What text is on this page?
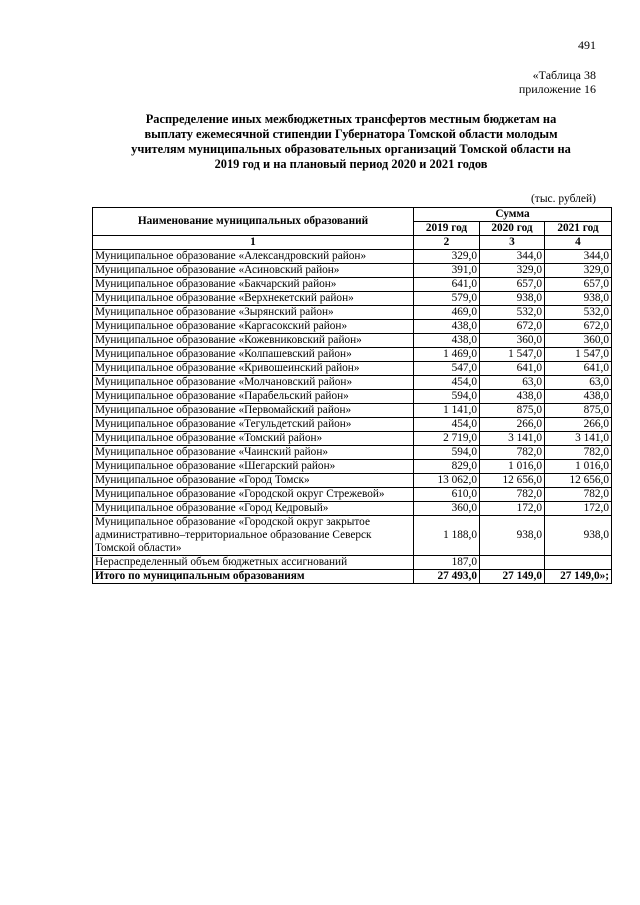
491
«Таблица 38
приложение 16
Распределение иных межбюджетных трансфертов местным бюджетам на
выплату ежемесячной стипендии Губернатора Томской области молодым
учителям муниципальных образовательных организаций Томской области на
2019 год и на плановый период 2020 и 2021 годов
(тыс. рублей)
Наименование муниципальных образований	Сумма		
	2019 год	2020 год	2021 год
1	2	3	4
Муниципальное образование «Александровский район»	329,0	344,0	344,0
Муниципальное образование «Асиновский район»	391,0	329,0	329,0
Муниципальное образование «Бакчарский район»	641,0	657,0	657,0
Муниципальное образование «Верхнекетский район»	579,0	938,0	938,0
Муниципальное образование «Зырянский район»	469,0	532,0	532,0
Муниципальное образование «Каргасокский район»	438,0	672,0	672,0
Муниципальное образование «Кожевниковский район»	438,0	360,0	360,0
Муниципальное образование «Колпашевский район»	1 469,0	1 547,0	1 547,0
Муниципальное образование «Кривошеинский район»	547,0	641,0	641,0
Муниципальное образование «Молчановский район»	454,0	63,0	63,0
Муниципальное образование «Парабельский район»	594,0	438,0	438,0
Муниципальное образование «Первомайский район»	1 141,0	875,0	875,0
Муниципальное образование «Тегульдетский район»	454,0	266,0	266,0
Муниципальное образование «Томский район»	2 719,0	3 141,0	3 141,0
Муниципальное образование «Чаинский район»	594,0	782,0	782,0
Муниципальное образование «Шегарский район»	829,0	1 016,0	1 016,0
Муниципальное образование «Город Томск»	13 062,0	12 656,0	12 656,0
Муниципальное образование «Городской округ Стрежевой»	610,0	782,0	782,0
Муниципальное образование «Город Кедровый»	360,0	172,0	172,0
Муниципальное образование «Городской округ закрытое административно–территориальное образование Северск Томской области»	1 188,0	938,0	938,0
Нераспределенный объем бюджетных ассигнований	187,0		
Итого по муниципальным образованиям	27 493,0	27 149,0	27 149,0»;
